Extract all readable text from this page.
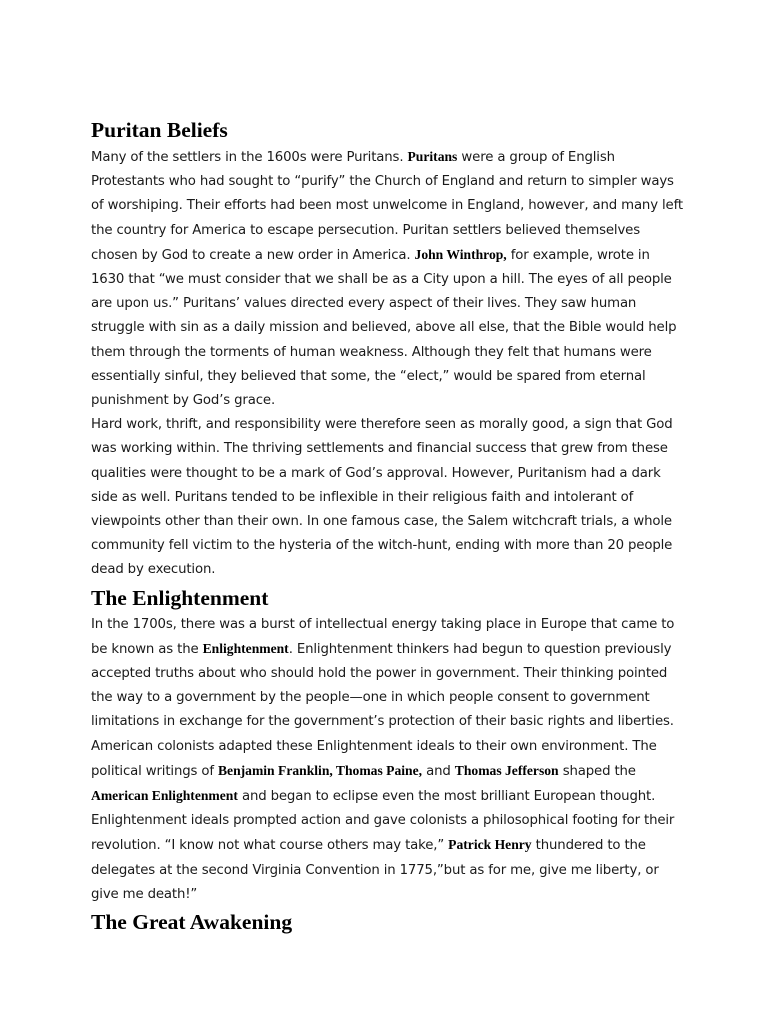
Puritan Beliefs

Many of the settlers in the 1600s were Puritans. Puritans were a group of English Protestants who had sought to “purify” the Church of England and return to simpler ways of worshiping. Their efforts had been most unwelcome in England, however, and many left the country for America to escape persecution. Puritan settlers believed themselves chosen by God to create a new order in America. John Winthrop, for example, wrote in 1630 that “we must consider that we shall be as a City upon a hill. The eyes of all people are upon us.” Puritans’ values directed every aspect of their lives. They saw human struggle with sin as a daily mission and believed, above all else, that the Bible would help them through the torments of human weakness. Although they felt that humans were essentially sinful, they believed that some, the “elect,” would be spared from eternal punishment by God’s grace.

Hard work, thrift, and responsibility were therefore seen as morally good, a sign that God was working within. The thriving settlements and financial success that grew from these qualities were thought to be a mark of God’s approval. However, Puritanism had a dark side as well. Puritans tended to be inflexible in their religious faith and intolerant of viewpoints other than their own. In one famous case, the Salem witchcraft trials, a whole community fell victim to the hysteria of the witch-hunt, ending with more than 20 people dead by execution.

The Enlightenment

In the 1700s, there was a burst of intellectual energy taking place in Europe that came to be known as the Enlightenment. Enlightenment thinkers had begun to question previously accepted truths about who should hold the power in government. Their thinking pointed the way to a government by the people—one in which people consent to government limitations in exchange for the government’s protection of their basic rights and liberties. American colonists adapted these Enlightenment ideals to their own environment. The political writings of Benjamin Franklin, Thomas Paine, and Thomas Jefferson shaped the American Enlightenment and began to eclipse even the most brilliant European thought. Enlightenment ideals prompted action and gave colonists a philosophical footing for their revolution. “I know not what course others may take,” Patrick Henry thundered to the delegates at the second Virginia Convention in 1775,”but as for me, give me liberty, or give me death!”

The Great Awakening
